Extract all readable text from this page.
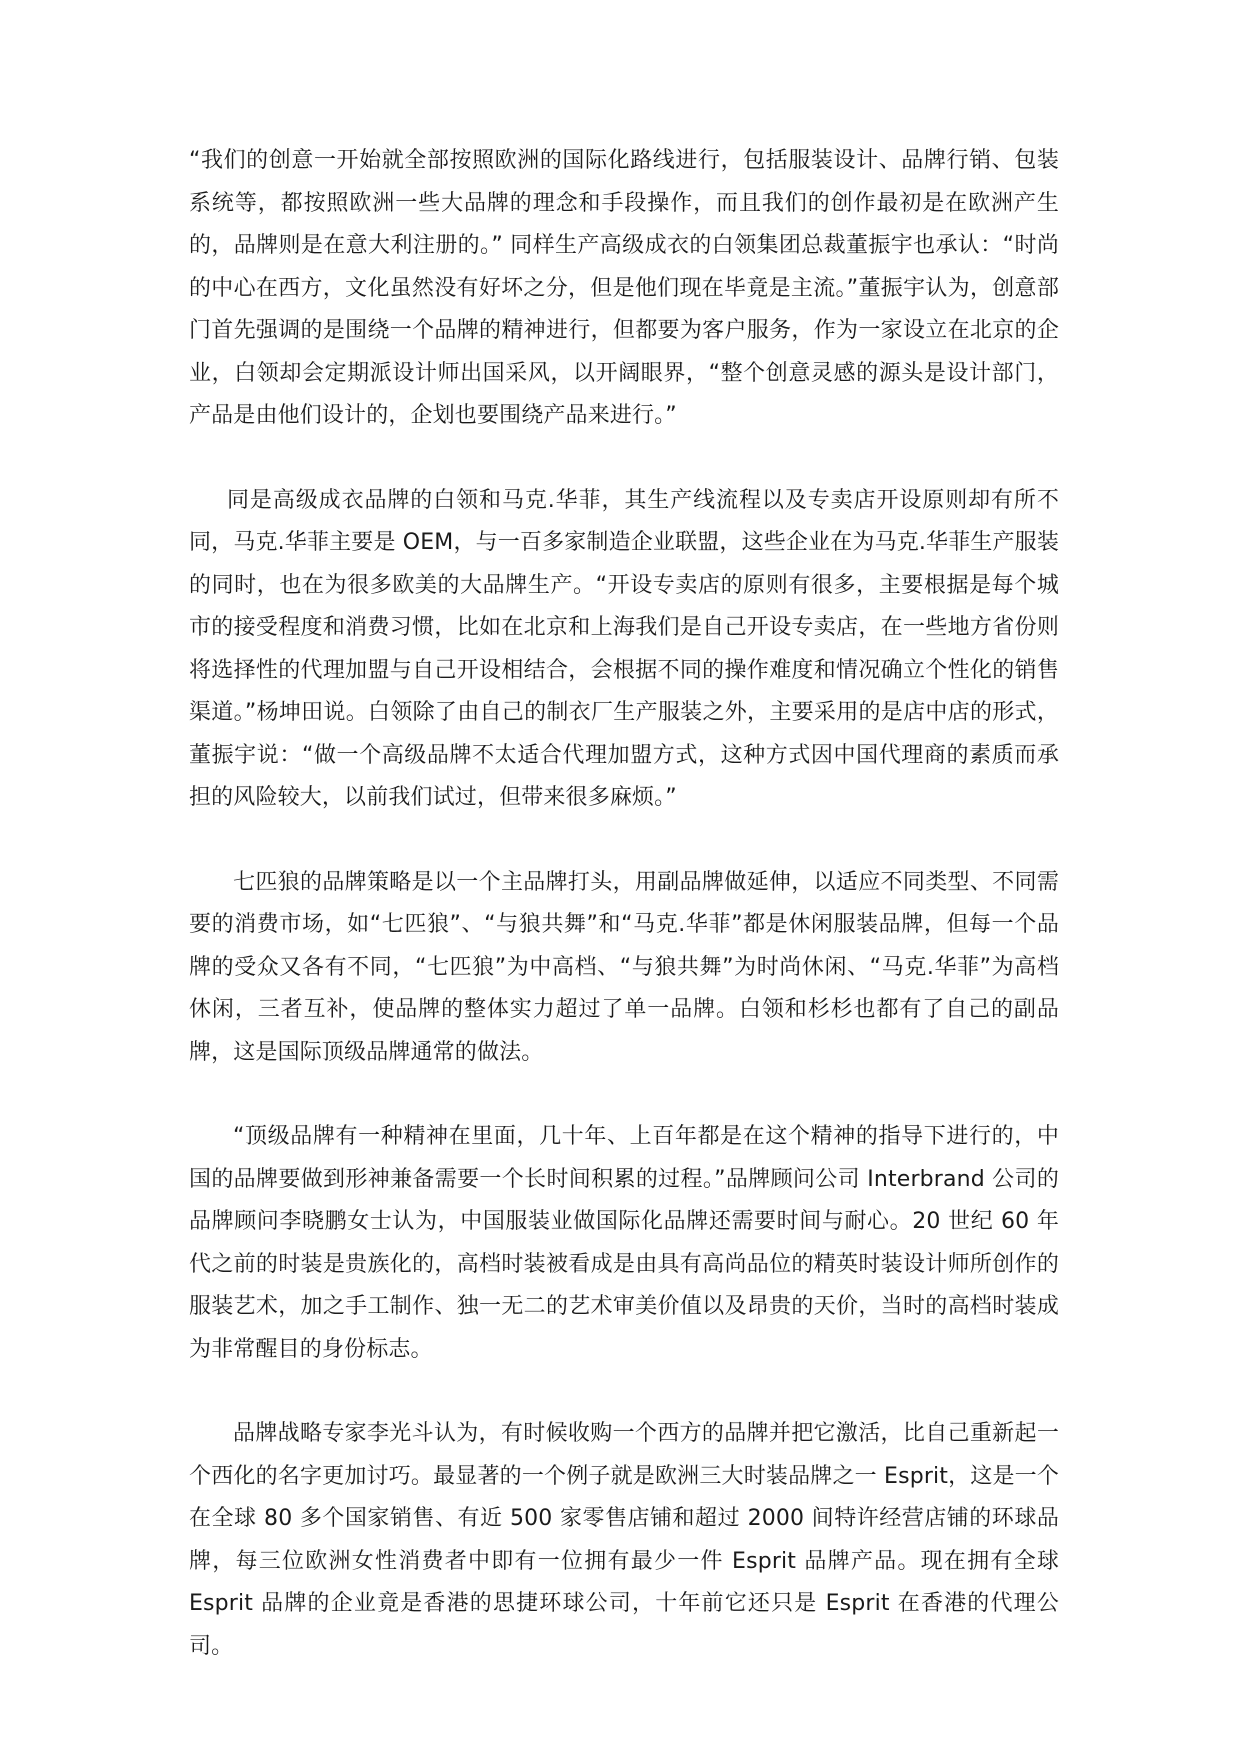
“我们的创意一开始就全部按照欧洲的国际化路线进行，包括服装设计、品牌行销、包装系统等，都按照欧洲一些大品牌的理念和手段操作，而且我们的创作最初是在欧洲产生的，品牌则是在意大利注册的。” 同样生产高级成衣的白领集团总裁董振宇也承认：“时尚的中心在西方，文化虽然没有好坏之分，但是他们现在毕竟是主流。”董振宇认为，创意部门首先强调的是围绕一个品牌的精神进行，但都要为客户服务，作为一家设立在北京的企业，白领却会定期派设计师出国采风，以开阔眼界，“整个创意灵感的源头是设计部门，产品是由他们设计的，企划也要围绕产品来进行。”

同是高级成衣品牌的白领和马克.华菲，其生产线流程以及专卖店开设原则却有所不同，马克.华菲主要是 OEM，与一百多家制造企业联盟，这些企业在为马克.华菲生产服装的同时，也在为很多欧美的大品牌生产。“开设专卖店的原则有很多，主要根据是每个城市的接受程度和消费习惯，比如在北京和上海我们是自己开设专卖店，在一些地方省份则将选择性的代理加盟与自己开设相结合，会根据不同的操作难度和情况确立个性化的销售渠道。”杨坤田说。白领除了由自己的制衣厂生产服装之外，主要采用的是店中店的形式，董振宇说：“做一个高级品牌不太适合代理加盟方式，这种方式因中国代理商的素质而承担的风险较大，以前我们试过，但带来很多麻烦。”

七匹狼的品牌策略是以一个主品牌打头，用副品牌做延伸，以适应不同类型、不同需要的消费市场，如“七匹狼”、“与狼共舞”和“马克.华菲”都是休闲服装品牌，但每一个品牌的受众又各有不同，“七匹狼”为中高档、“与狼共舞”为时尚休闲、“马克.华菲”为高档休闲，三者互补，使品牌的整体实力超过了单一品牌。白领和杉杉也都有了自己的副品牌，这是国际顶级品牌通常的做法。

“顶级品牌有一种精神在里面，几十年、上百年都是在这个精神的指导下进行的，中国的品牌要做到形神兼备需要一个长时间积累的过程。”品牌顾问公司 Interbrand 公司的品牌顾问李晓鹏女士认为，中国服装业做国际化品牌还需要时间与耐心。20 世纪 60 年代之前的时装是贵族化的，高档时装被看成是由具有高尚品位的精英时装设计师所创作的服装艺术，加之手工制作、独一无二的艺术审美价值以及昂贵的天价，当时的高档时装成为非常醒目的身份标志。

品牌战略专家李光斗认为，有时候收购一个西方的品牌并把它激活，比自己重新起一个西化的名字更加讨巧。最显著的一个例子就是欧洲三大时装品牌之一 Esprit，这是一个在全球 80 多个国家销售、有近 500 家零售店铺和超过 2000 间特许经营店铺的环球品牌，每三位欧洲女性消费者中即有一位拥有最少一件 Esprit 品牌产品。现在拥有全球 Esprit 品牌的企业竟是香港的思捷环球公司，十年前它还只是 Esprit 在香港的代理公司。
